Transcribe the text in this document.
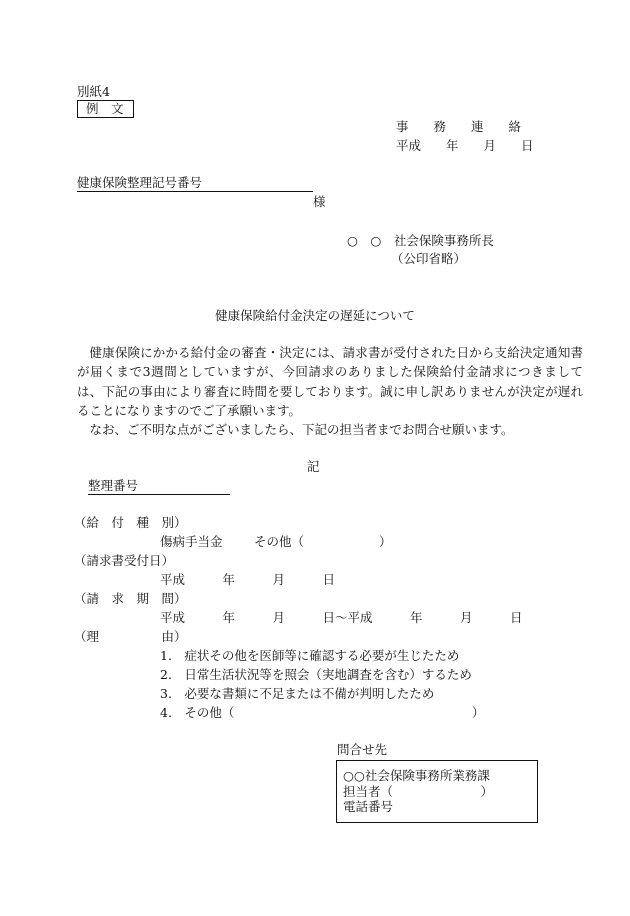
別紙4
例　文
事　　務　　連　　絡
平成　　年　　月　　日
健康保険整理記号番号
様
○　○　社会保険事務所長
（公印省略）
健康保険給付金決定の遅延について

健康保険にかかる給付金の審査・決定には、請求書が受付された日から支給決定通知書が届くまで3週間としていますが、今回請求のありました保険給付金請求につきましては、下記の事由により審査に時間を要しております。誠に申し訳ありませんが決定が遅れることになりますのでご了承願います。

なお、ご不明な点がございましたら、下記の担当者までお問合せ願います。

記
整理番号
（給　付　種　別）
傷病手当金	その他（　　　　　　）
（請求書受付日）
平成　　　年　　　月　　　日
（請　求　期　間）
平成　　　年　　　月　　　日～平成　　　年　　　月　　　日
（理　　　　　由）
1.　症状その他を医師等に確認する必要が生じたため
2.　日常生活状況等を照会（実地調査を含む）するため
3.　必要な書類に不足または不備が判明したため
4.　その他（　　　　　　　　　　　　　　　　　　　）
問合せ先
○○社会保険事務所業務課
担当者（　　　　　　　）
電話番号
